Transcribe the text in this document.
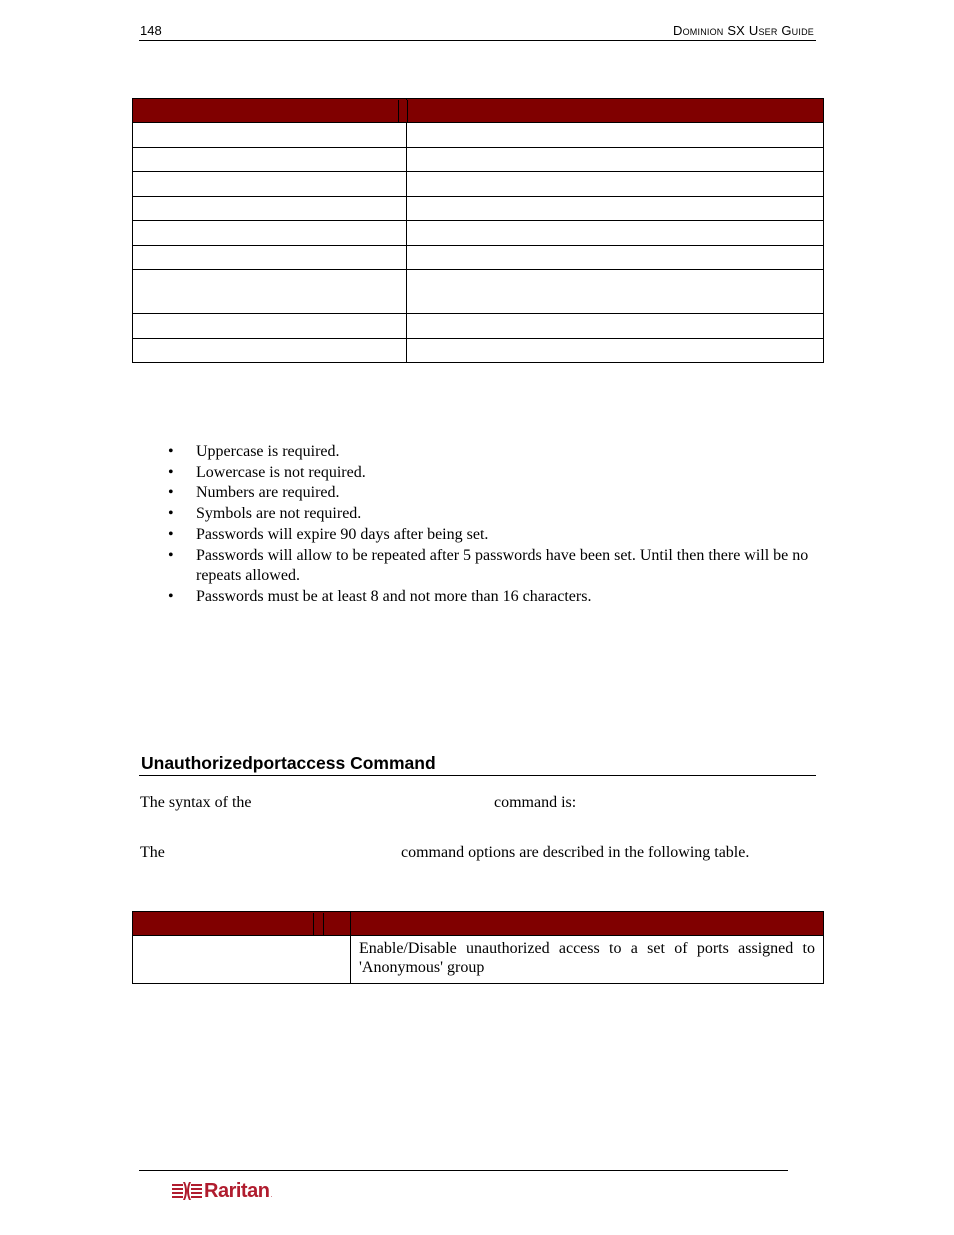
148	Dominion SX User Guide

• Uppercase is required.
• Lowercase is not required.
• Numbers are required.
• Symbols are not required.
• Passwords will expire 90 days after being set.
• Passwords will allow to be repeated after 5 passwords have been set. Until then there will be no repeats allowed.
• Passwords must be at least 8 and not more than 16 characters.
Unauthorizedportaccess Command
The syntax of the	command is:
The	command options are described in the following table.

	Enable/Disable unauthorized access to a set of ports assigned to 'Anonymous' group
Raritan.
